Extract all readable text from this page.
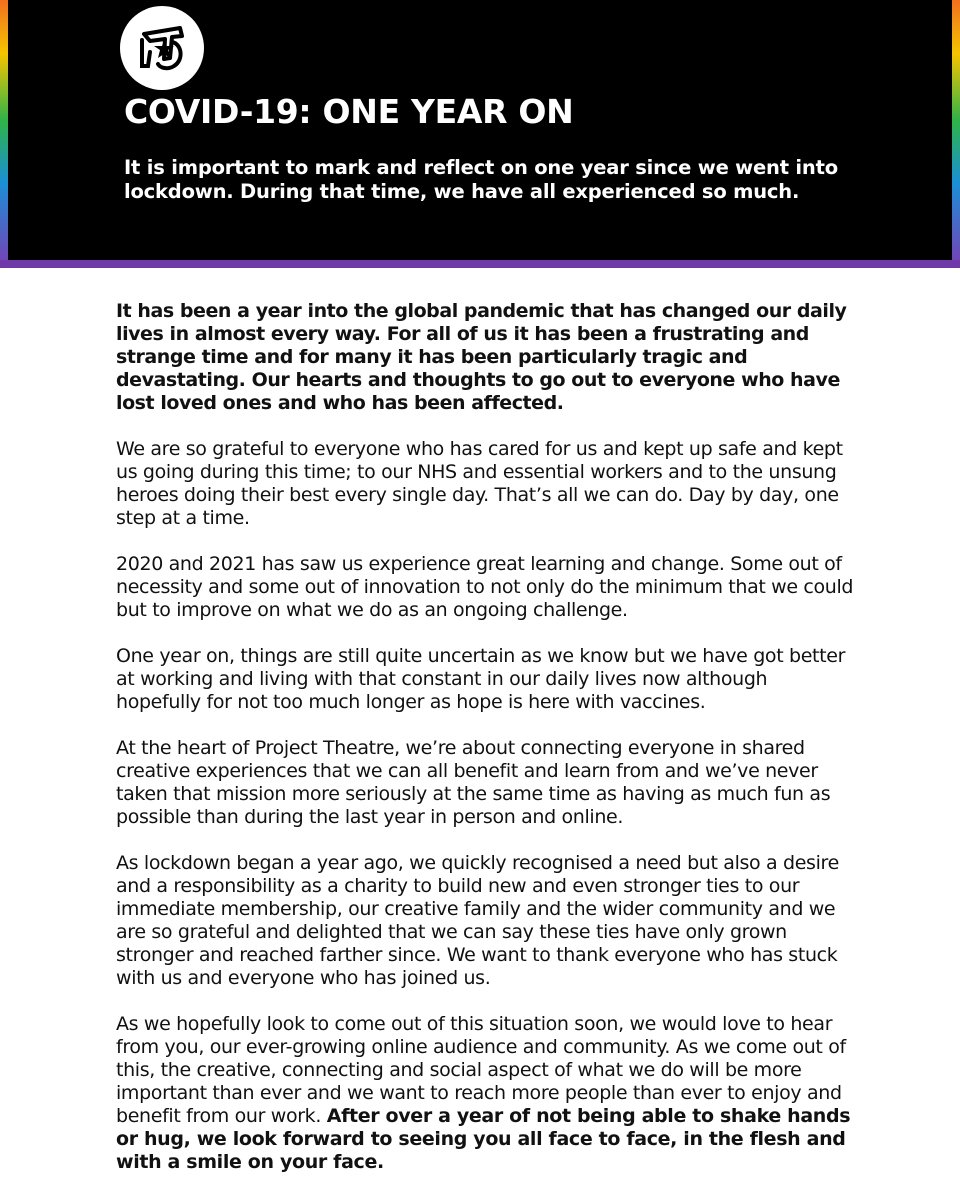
COVID-19: ONE YEAR ON

It is important to mark and reflect on one year since we went into lockdown. During that time, we have all experienced so much.

It has been a year into the global pandemic that has changed our daily lives in almost every way. For all of us it has been a frustrating and strange time and for many it has been particularly tragic and devastating. Our hearts and thoughts to go out to everyone who have lost loved ones and who has been affected.

We are so grateful to everyone who has cared for us and kept up safe and kept us going during this time; to our NHS and essential workers and to the unsung heroes doing their best every single day. That’s all we can do. Day by day, one step at a time.

2020 and 2021 has saw us experience great learning and change. Some out of necessity and some out of innovation to not only do the minimum that we could but to improve on what we do as an ongoing challenge.

One year on, things are still quite uncertain as we know but we have got better at working and living with that constant in our daily lives now although hopefully for not too much longer as hope is here with vaccines.

At the heart of Project Theatre, we’re about connecting everyone in shared creative experiences that we can all benefit and learn from and we’ve never taken that mission more seriously at the same time as having as much fun as possible than during the last year in person and online.

As lockdown began a year ago, we quickly recognised a need but also a desire and a responsibility as a charity to build new and even stronger ties to our immediate membership, our creative family and the wider community and we are so grateful and delighted that we can say these ties have only grown stronger and reached farther since. We want to thank everyone who has stuck with us and everyone who has joined us.

As we hopefully look to come out of this situation soon, we would love to hear from you, our ever-growing online audience and community. As we come out of this, the creative, connecting and social aspect of what we do will be more important than ever and we want to reach more people than ever to enjoy and benefit from our work. After over a year of not being able to shake hands or hug, we look forward to seeing you all face to face, in the flesh and with a smile on your face.
